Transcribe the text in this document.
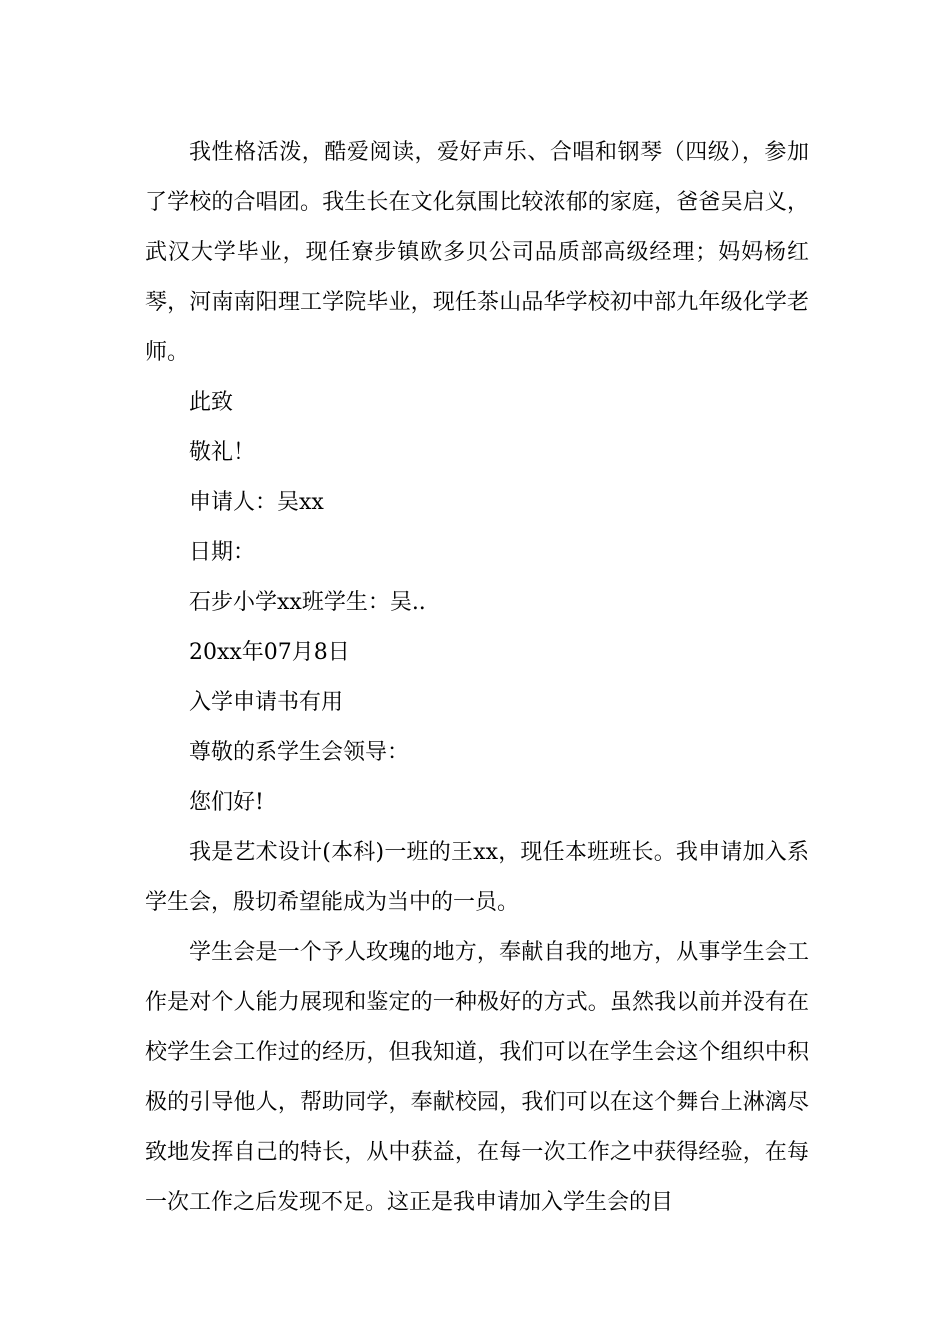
我性格活泼，酷爱阅读，爱好声乐、合唱和钢琴（四级），参加了学校的合唱团。我生长在文化氛围比较浓郁的家庭，爸爸吴启义，武汉大学毕业，现任寮步镇欧多贝公司品质部高级经理；妈妈杨红琴，河南南阳理工学院毕业，现任茶山品华学校初中部九年级化学老师。

此致

敬礼！

申请人：吴xx

日期：

石步小学xx班学生：吴..

20xx年07月8日

入学申请书有用

尊敬的系学生会领导：

您们好!

我是艺术设计(本科)一班的王xx，现任本班班长。我申请加入系学生会，殷切希望能成为当中的一员。

学生会是一个予人玫瑰的地方，奉献自我的地方，从事学生会工作是对个人能力展现和鉴定的一种极好的方式。虽然我以前并没有在校学生会工作过的经历，但我知道，我们可以在学生会这个组织中积极的引导他人，帮助同学，奉献校园，我们可以在这个舞台上淋漓尽致地发挥自己的特长，从中获益，在每一次工作之中获得经验，在每一次工作之后发现不足。这正是我申请加入学生会的目
